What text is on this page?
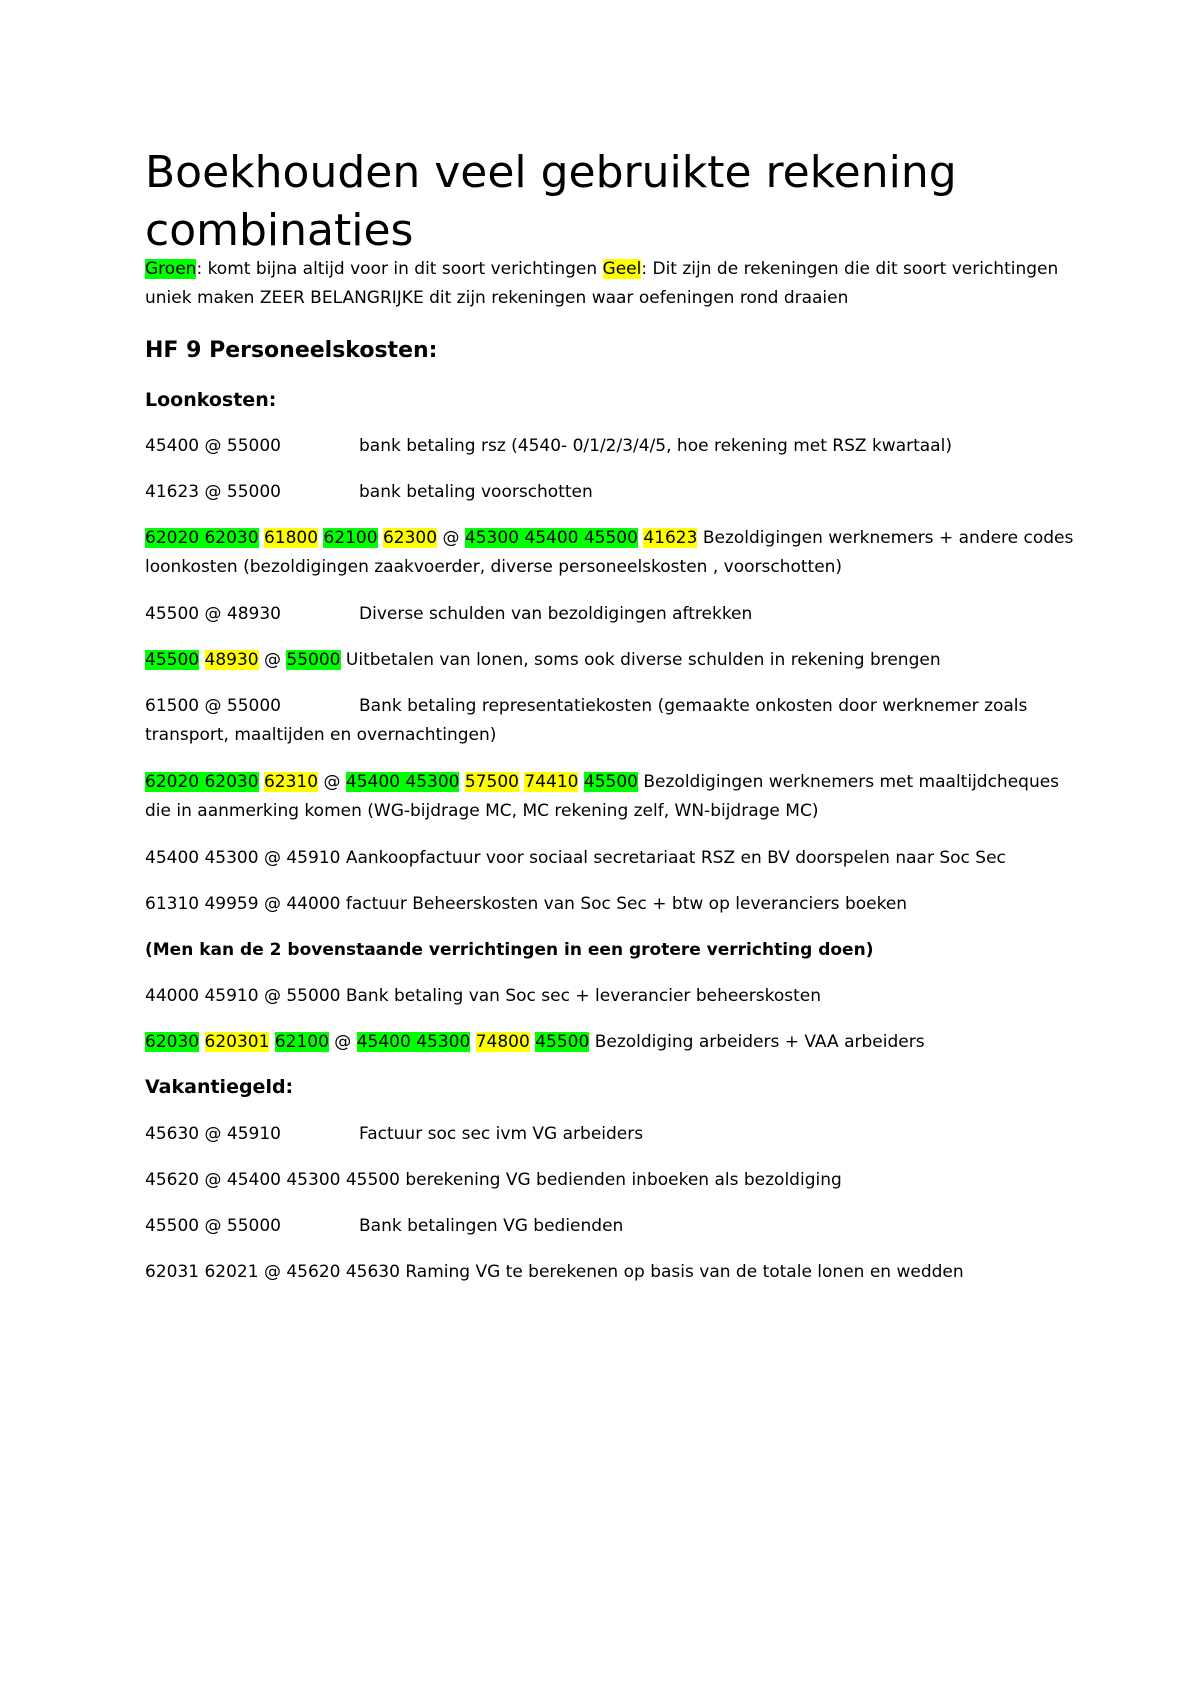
Boekhouden veel gebruikte rekening
combinaties

Groen: komt bijna altijd voor in dit soort verichtingen Geel: Dit zijn de rekeningen die dit soort verichtingen uniek maken ZEER BELANGRIJKE dit zijn rekeningen waar oefeningen rond draaien

HF 9 Personeelskosten:

Loonkosten:

45400 @ 55000	bank betaling rsz (4540- 0/1/2/3/4/5, hoe rekening met RSZ kwartaal)

41623 @ 55000	bank betaling voorschotten

62020 62030 61800 62100 62300 @ 45300 45400 45500 41623 Bezoldigingen werknemers + andere codes loonkosten (bezoldigingen zaakvoerder, diverse personeelskosten , voorschotten)

45500 @ 48930	Diverse schulden van bezoldigingen aftrekken

45500 48930 @ 55000 Uitbetalen van lonen, soms ook diverse schulden in rekening brengen

61500 @ 55000	Bank betaling representatiekosten (gemaakte onkosten door werknemer zoals transport, maaltijden en overnachtingen)

62020 62030 62310 @ 45400 45300 57500 74410 45500 Bezoldigingen werknemers met maaltijdcheques die in aanmerking komen (WG-bijdrage MC, MC rekening zelf, WN-bijdrage MC)

45400 45300 @ 45910 Aankoopfactuur voor sociaal secretariaat RSZ en BV doorspelen naar Soc Sec

61310 49959 @ 44000 factuur Beheerskosten van Soc Sec + btw op leveranciers boeken

(Men kan de 2 bovenstaande verrichtingen in een grotere verrichting doen)

44000 45910 @ 55000 Bank betaling van Soc sec + leverancier beheerskosten

62030 620301 62100 @ 45400 45300 74800 45500 Bezoldiging arbeiders + VAA arbeiders

Vakantiegeld:

45630 @ 45910	Factuur soc sec ivm VG arbeiders

45620 @ 45400 45300 45500 berekening VG bedienden inboeken als bezoldiging

45500 @ 55000	Bank betalingen VG bedienden

62031 62021 @ 45620 45630 Raming VG te berekenen op basis van de totale lonen en wedden
